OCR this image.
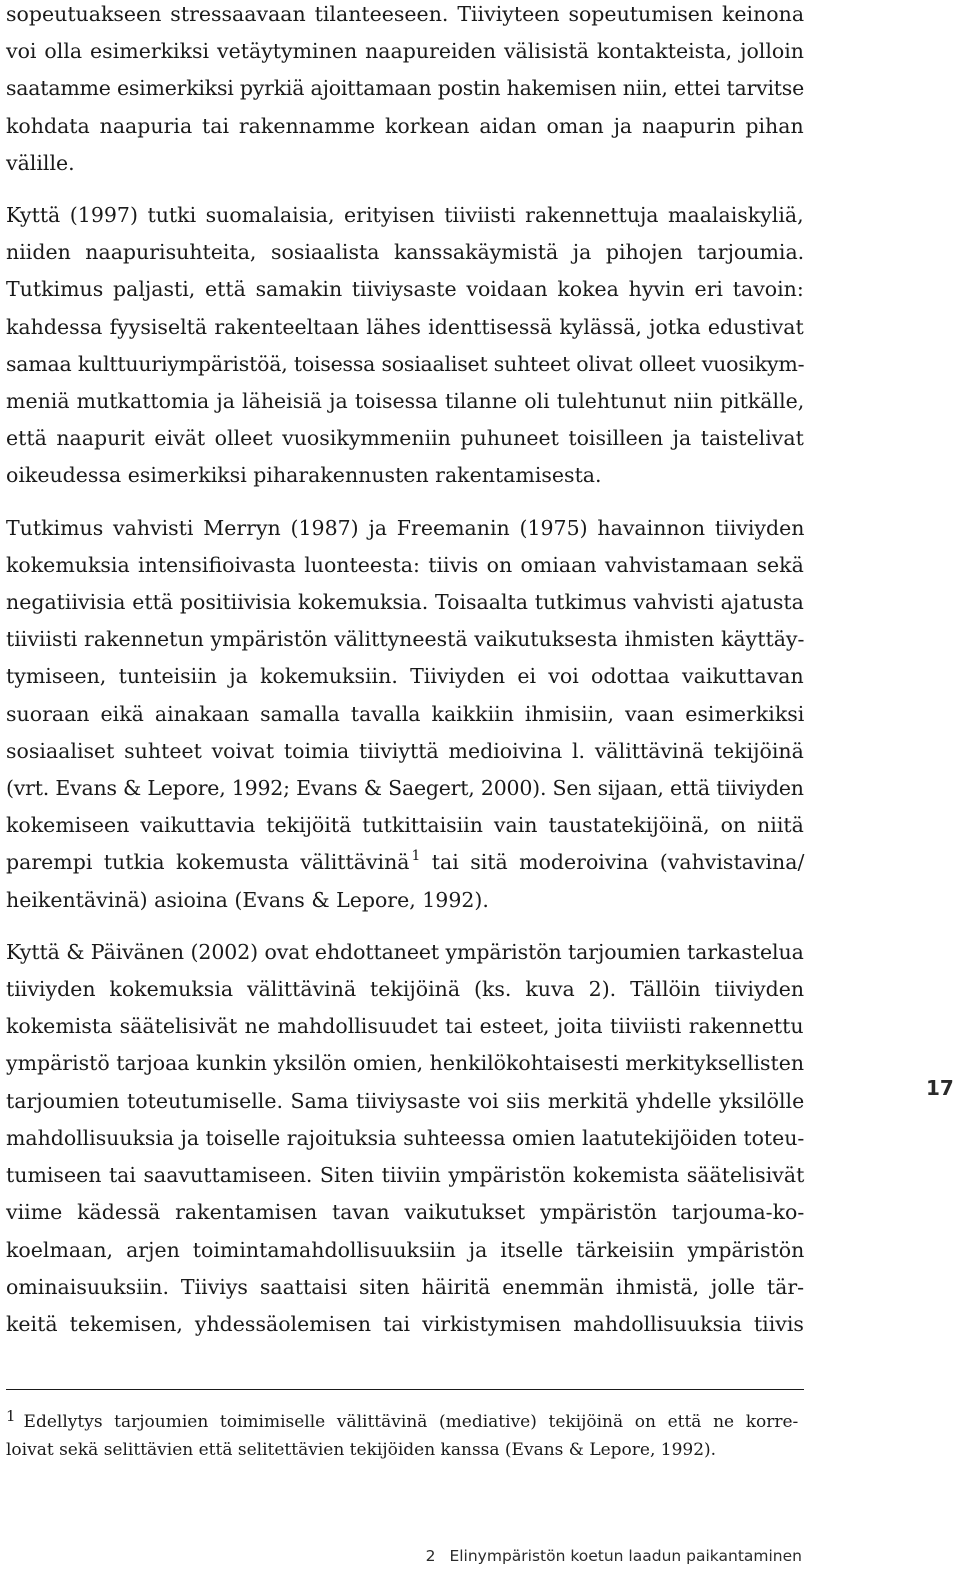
sopeutuakseen stressaavaan tilanteeseen. Tiiviyteen sopeutumisen keinona
voi olla esimerkiksi vetäytyminen naapureiden välisistä kontakteista, jolloin
saatamme esimerkiksi pyrkiä ajoittamaan postin hakemisen niin, ettei tarvitse
kohdata naapuria tai rakennamme korkean aidan oman ja naapurin pihan
välille.

Kyttä (1997) tutki suomalaisia, erityisen tiiviisti rakennettuja maalaiskyliä,
niiden naapurisuhteita, sosiaalista kanssakäymistä ja pihojen tarjoumia.
Tutkimus paljasti, että samakin tiiviysaste voidaan kokea hyvin eri tavoin:
kahdessa fyysiseltä rakenteeltaan lähes identtisessä kylässä, jotka edustivat
samaa kulttuuriympäristöä, toisessa sosiaaliset suhteet olivat olleet vuosikym-
meniä mutkattomia ja läheisiä ja toisessa tilanne oli tulehtunut niin pitkälle,
että naapurit eivät olleet vuosikymmeniin puhuneet toisilleen ja taistelivat
oikeudessa esimerkiksi piharakennusten rakentamisesta.

Tutkimus vahvisti Merryn (1987) ja Freemanin (1975) havainnon tiiviyden
kokemuksia intensifioivasta luonteesta: tiivis on omiaan vahvistamaan sekä
negatiivisia että positiivisia kokemuksia. Toisaalta tutkimus vahvisti ajatusta
tiiviisti rakennetun ympäristön välittyneestä vaikutuksesta ihmisten käyttäy-
tymiseen, tunteisiin ja kokemuksiin. Tiiviyden ei voi odottaa vaikuttavan
suoraan eikä ainakaan samalla tavalla kaikkiin ihmisiin, vaan esimerkiksi
sosiaaliset suhteet voivat toimia tiiviyttä medioivina l. välittävinä tekijöinä
(vrt. Evans & Lepore, 1992; Evans & Saegert, 2000). Sen sijaan, että tiiviyden
kokemiseen vaikuttavia tekijöitä tutkittaisiin vain taustatekijöinä, on niitä
parempi tutkia kokemusta välittävinä $^1$ tai sitä moderoivina (vahvistavina/
heikentävinä) asioina (Evans & Lepore, 1992).

Kyttä & Päivänen (2002) ovat ehdottaneet ympäristön tarjoumien tarkastelua
tiiviyden kokemuksia välittävinä tekijöinä (ks. kuva 2). Tällöin tiiviyden
kokemista säätelisivät ne mahdollisuudet tai esteet, joita tiiviisti rakennettu
ympäristö tarjoaa kunkin yksilön omien, henkilökohtaisesti merkityksellisten
tarjoumien toteutumiselle. Sama tiiviysaste voi siis merkitä yhdelle yksilölle
mahdollisuuksia ja toiselle rajoituksia suhteessa omien laatutekijöiden toteu-
tumiseen tai saavuttamiseen. Siten tiiviin ympäristön kokemista säätelisivät
viime kädessä rakentamisen tavan vaikutukset ympäristön tarjouma-ko-
koelmaan, arjen toimintamahdollisuuksiin ja itselle tärkeisiin ympäristön
ominaisuuksiin. Tiiviys saattaisi siten häiritä enemmän ihmistä, jolle tär-
keitä tekemisen, yhdessäolemisen tai virkistymisen mahdollisuuksia tiivis

1 Edellytys tarjoumien toimimiselle välittävinä (mediative) tekijöinä on että ne korre-
loivat sekä selittävien että selitettävien tekijöiden kanssa (Evans & Lepore, 1992).
17
2 Elinympäristön koetun laadun paikantaminen
